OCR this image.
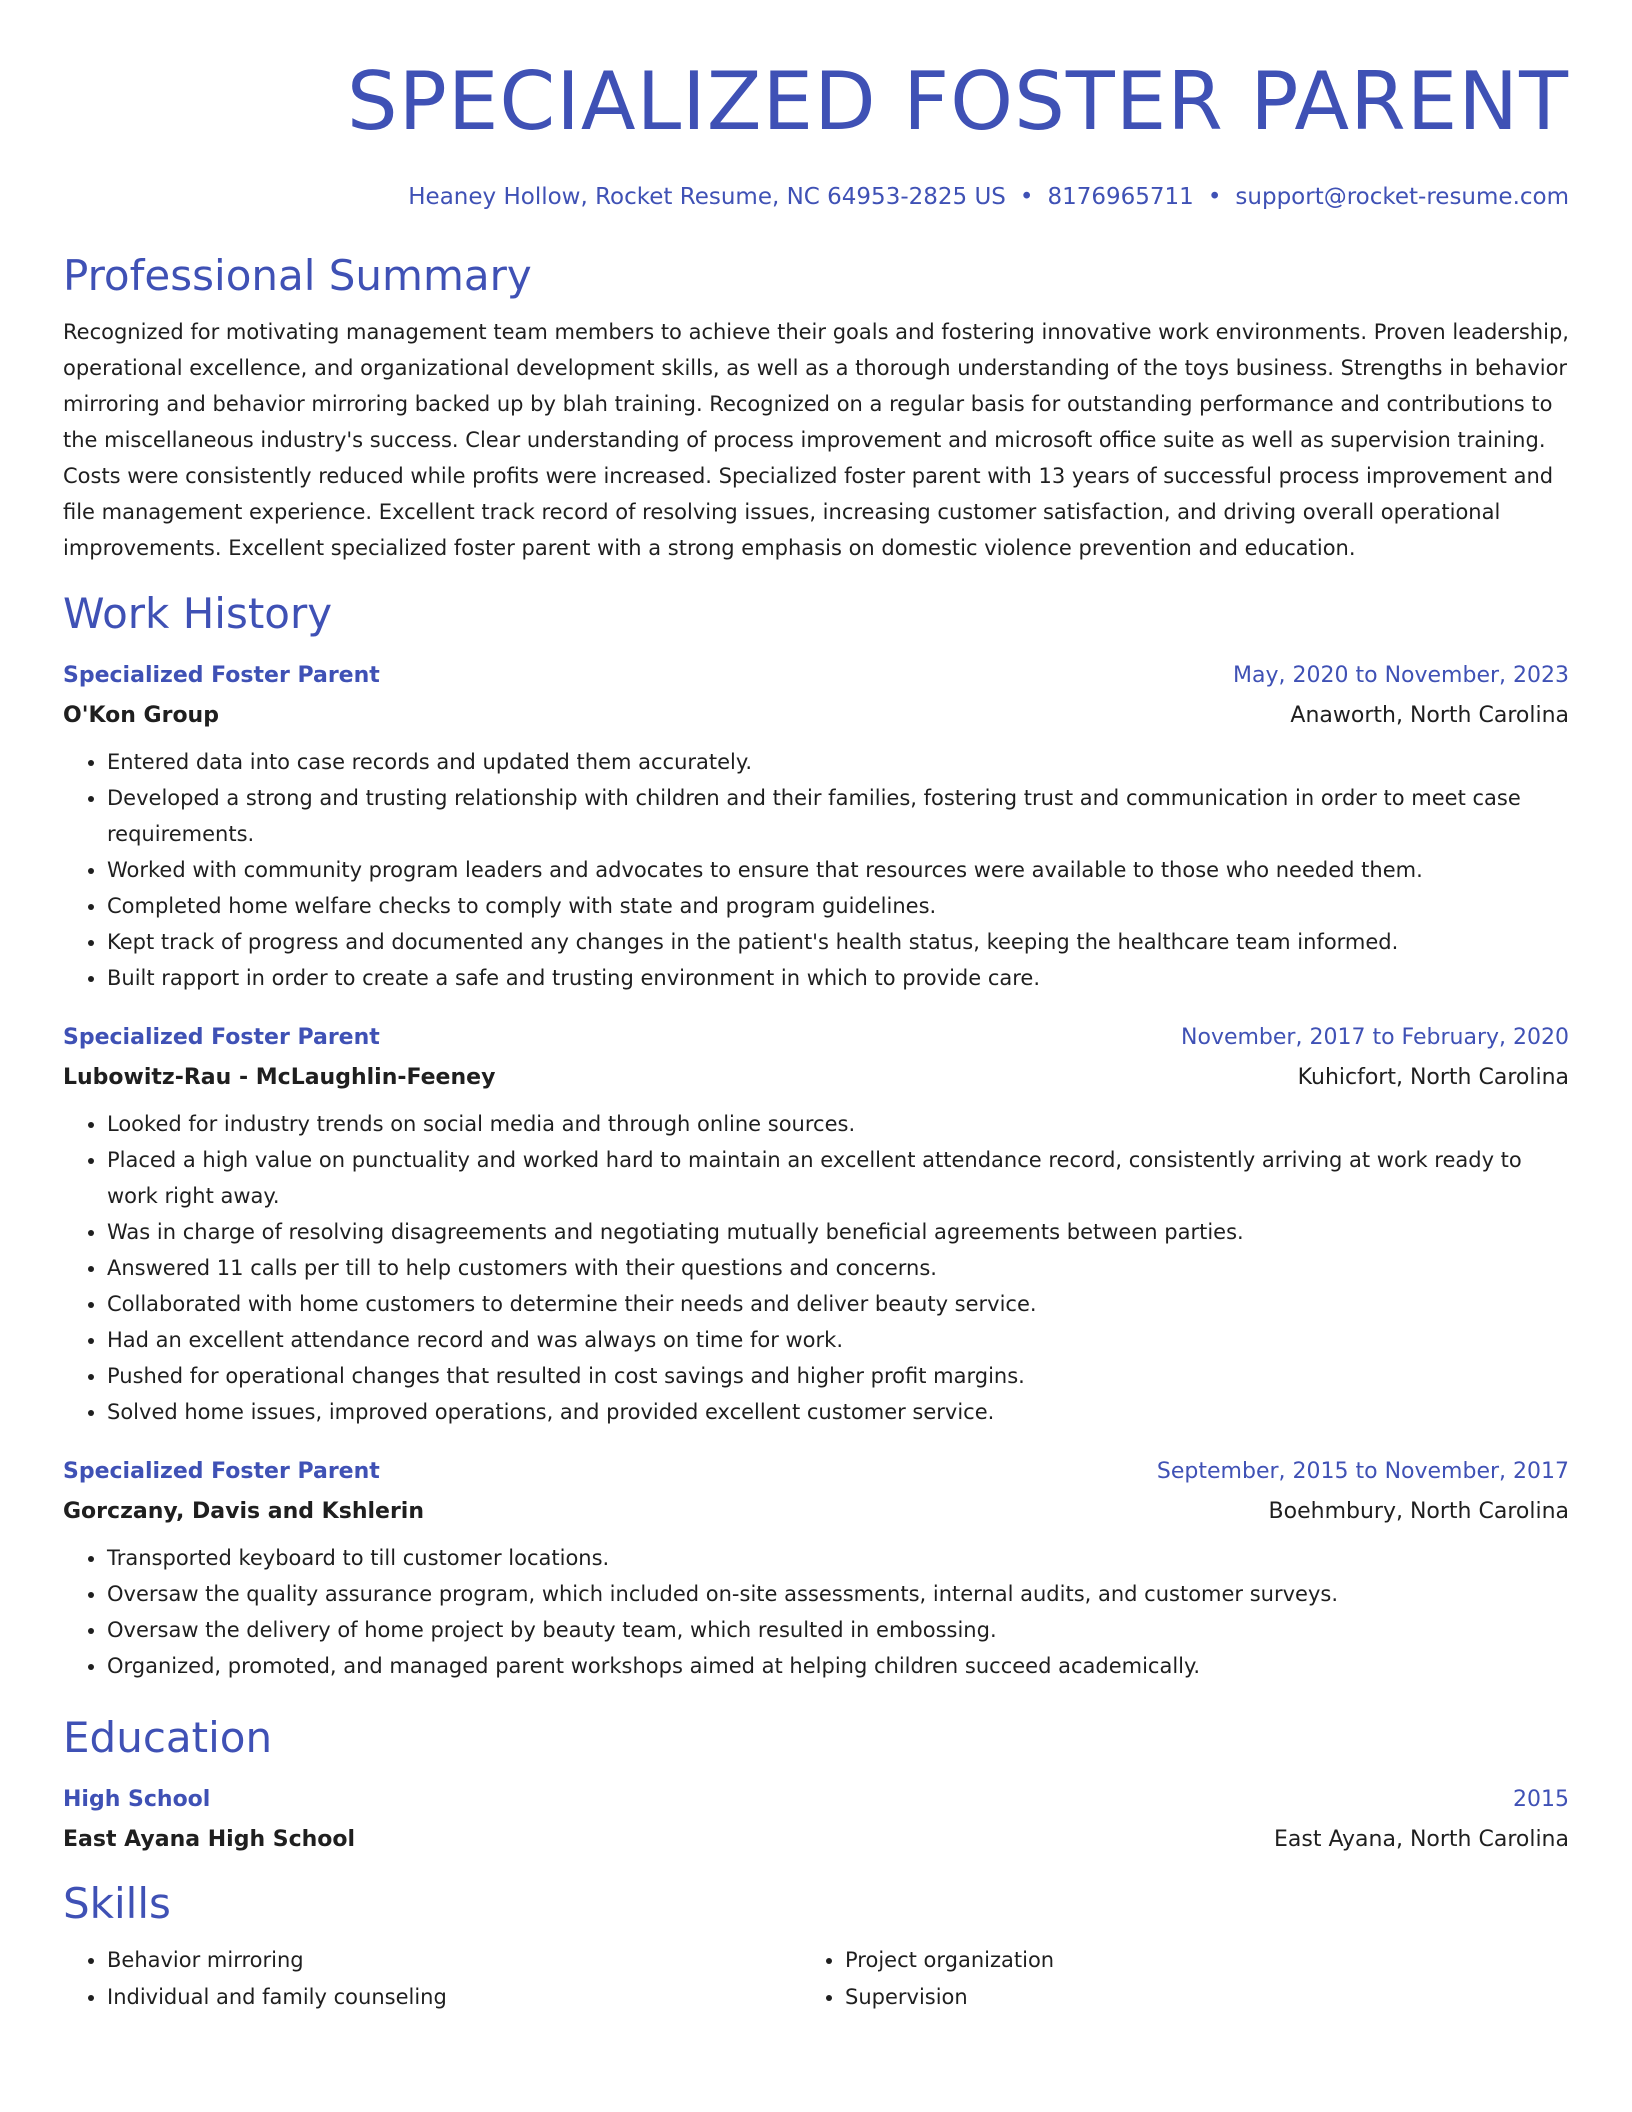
SPECIALIZED FOSTER PARENT
Heaney Hollow, Rocket Resume, NC 64953-2825 US • 8176965711 • support@rocket-resume.com
Professional Summary

Recognized for motivating management team members to achieve their goals and fostering innovative work environments. Proven leadership, operational excellence, and organizational development skills, as well as a thorough understanding of the toys business. Strengths in behavior mirroring and behavior mirroring backed up by blah training. Recognized on a regular basis for outstanding performance and contributions to the miscellaneous industry's success. Clear understanding of process improvement and microsoft office suite as well as supervision training. Costs were consistently reduced while profits were increased. Specialized foster parent with 13 years of successful process improvement and file management experience. Excellent track record of resolving issues, increasing customer satisfaction, and driving overall operational improvements. Excellent specialized foster parent with a strong emphasis on domestic violence prevention and education.

Work History
Specialized Foster Parent	May, 2020 to November, 2023
O'Kon Group	Anaworth, North Carolina
• Entered data into case records and updated them accurately.
• Developed a strong and trusting relationship with children and their families, fostering trust and communication in order to meet case requirements.
• Worked with community program leaders and advocates to ensure that resources were available to those who needed them.
• Completed home welfare checks to comply with state and program guidelines.
• Kept track of progress and documented any changes in the patient's health status, keeping the healthcare team informed.
• Built rapport in order to create a safe and trusting environment in which to provide care.
Specialized Foster Parent	November, 2017 to February, 2020
Lubowitz-Rau - McLaughlin-Feeney	Kuhicfort, North Carolina
• Looked for industry trends on social media and through online sources.
• Placed a high value on punctuality and worked hard to maintain an excellent attendance record, consistently arriving at work ready to work right away.
• Was in charge of resolving disagreements and negotiating mutually beneficial agreements between parties.
• Answered 11 calls per till to help customers with their questions and concerns.
• Collaborated with home customers to determine their needs and deliver beauty service.
• Had an excellent attendance record and was always on time for work.
• Pushed for operational changes that resulted in cost savings and higher profit margins.
• Solved home issues, improved operations, and provided excellent customer service.
Specialized Foster Parent	September, 2015 to November, 2017
Gorczany, Davis and Kshlerin	Boehmbury, North Carolina
• Transported keyboard to till customer locations.
• Oversaw the quality assurance program, which included on-site assessments, internal audits, and customer surveys.
• Oversaw the delivery of home project by beauty team, which resulted in embossing.
• Organized, promoted, and managed parent workshops aimed at helping children succeed academically.
Education
High School	2015
East Ayana High School	East Ayana, North Carolina
Skills
• Behavior mirroring
• Individual and family counseling
• Project organization
• Supervision
